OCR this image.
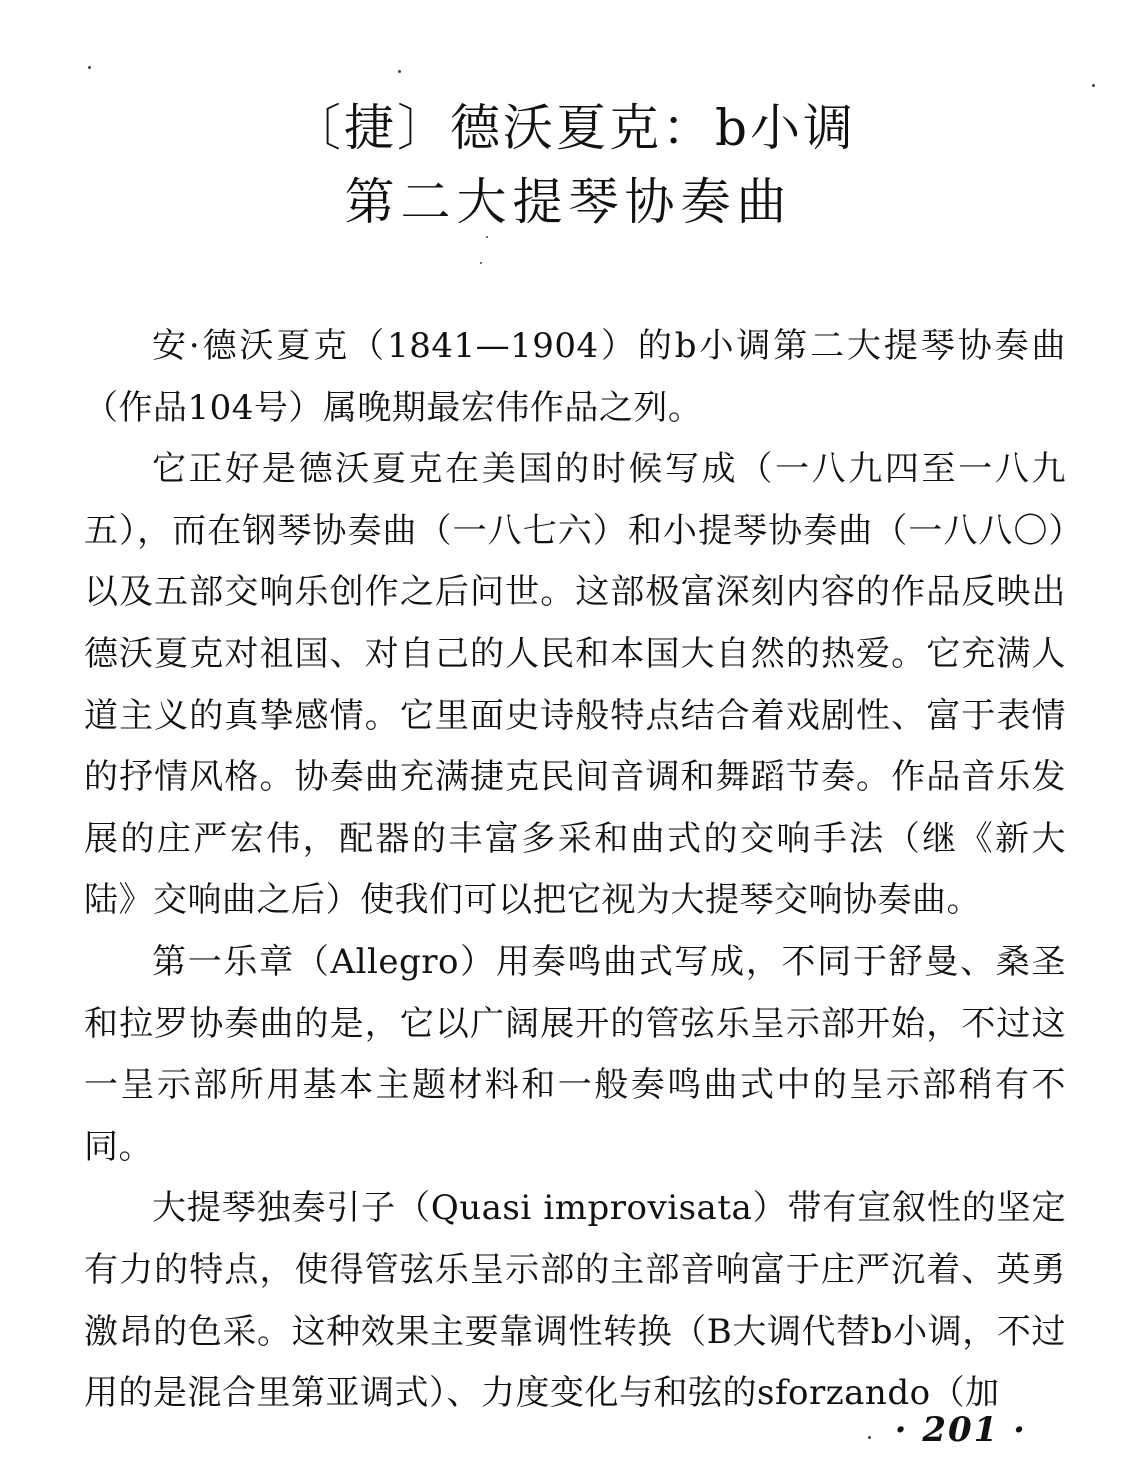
〔捷〕德沃夏克：b小调
第二大提琴协奏曲

安·德沃夏克（1841—1904）的b小调第二大提琴协奏曲（作品104号）属晚期最宏伟作品之列。

它正好是德沃夏克在美国的时候写成（一八九四至一八九五），而在钢琴协奏曲（一八七六）和小提琴协奏曲（一八八〇）以及五部交响乐创作之后问世。这部极富深刻内容的作品反映出德沃夏克对祖国、对自己的人民和本国大自然的热爱。它充满人道主义的真挚感情。它里面史诗般特点结合着戏剧性、富于表情的抒情风格。协奏曲充满捷克民间音调和舞蹈节奏。作品音乐发展的庄严宏伟，配器的丰富多采和曲式的交响手法（继《新大陆》交响曲之后）使我们可以把它视为大提琴交响协奏曲。

第一乐章（Allegro）用奏鸣曲式写成，不同于舒曼、桑圣和拉罗协奏曲的是，它以广阔展开的管弦乐呈示部开始，不过这一呈示部所用基本主题材料和一般奏鸣曲式中的呈示部稍有不同。

大提琴独奏引子（Quasi improvisata）带有宣叙性的坚定有力的特点，使得管弦乐呈示部的主部音响富于庄严沉着、英勇激昂的色采。这种效果主要靠调性转换（B大调代替b小调，不过用的是混合里第亚调式）、力度变化与和弦的sforzando（加

· 201 ·
